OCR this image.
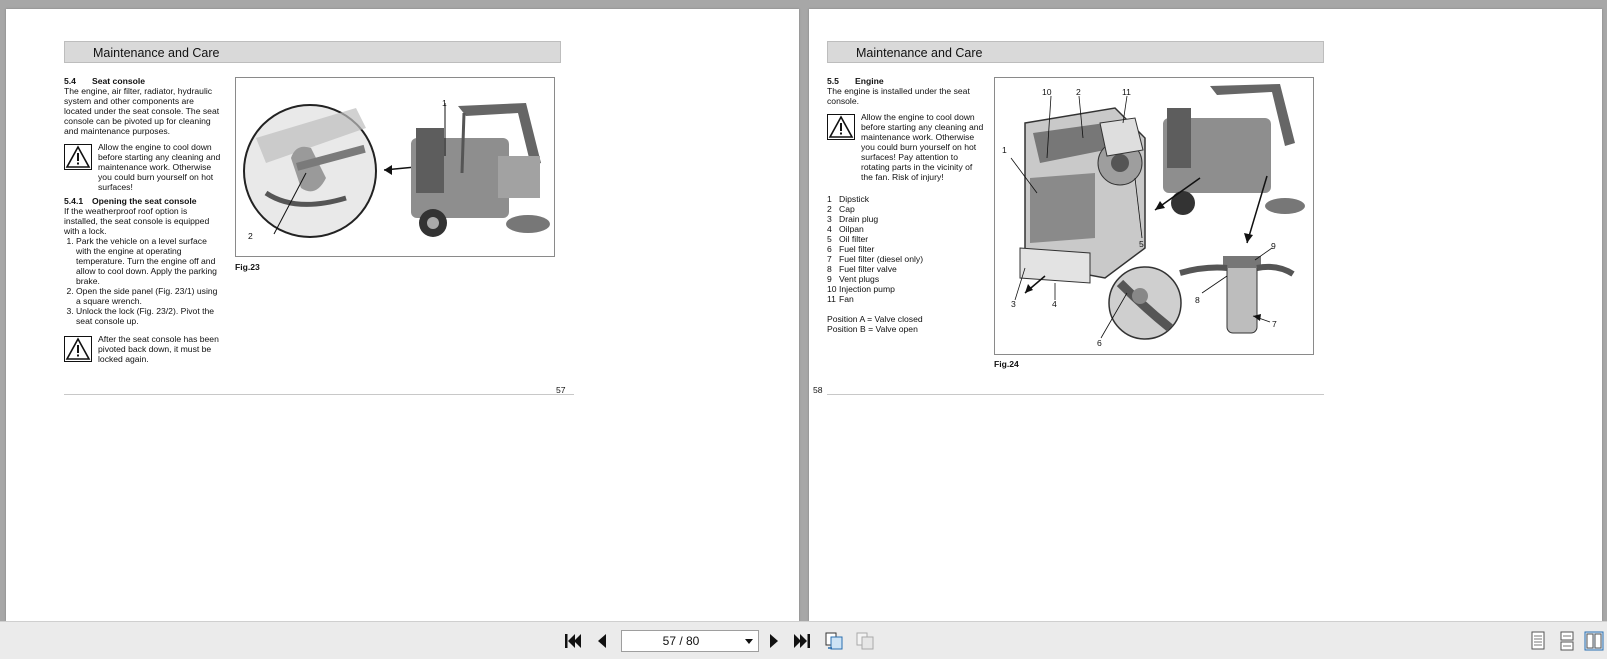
Maintenance and Care
5.4 Seat console

The engine, air filter, radiator, hydraulic system and other components are located under the seat console. The seat console can be pivoted up for cleaning and maintenance purposes.

Allow the engine to cool down before starting any cleaning and maintenance work. Otherwise you could burn yourself on hot surfaces!

5.4.1 Opening the seat console

If the weatherproof roof option is installed, the seat console is equipped with a lock.

1. Park the vehicle on a level surface with the engine at operating temperature. Turn the engine off and allow to cool down. Apply the parking brake.
2. Open the side panel (Fig. 23/1) using a square wrench.
3. Unlock the lock (Fig. 23/2). Pivot the seat console up.

After the seat console has been pivoted back down, it must be locked again.

1
2
Fig.23
57
Maintenance and Care
5.5 Engine

The engine is installed under the seat console.

Allow the engine to cool down before starting any cleaning and maintenance work. Otherwise you could burn yourself on hot surfaces! Pay attention to rotating parts in the vicinity of the fan. Risk of injury!

1 Dipstick
2 Cap
3 Drain plug
4 Oilpan
5 Oil filter
6 Fuel filter
7 Fuel filter (diesel only)
8 Fuel filter valve
9 Vent plugs
10 Injection pump
11 Fan

Position A = Valve closed

Position B = Valve open

10	2	11
1
5
3	4
6
9
8
7
Fig.24
58
57 / 80
